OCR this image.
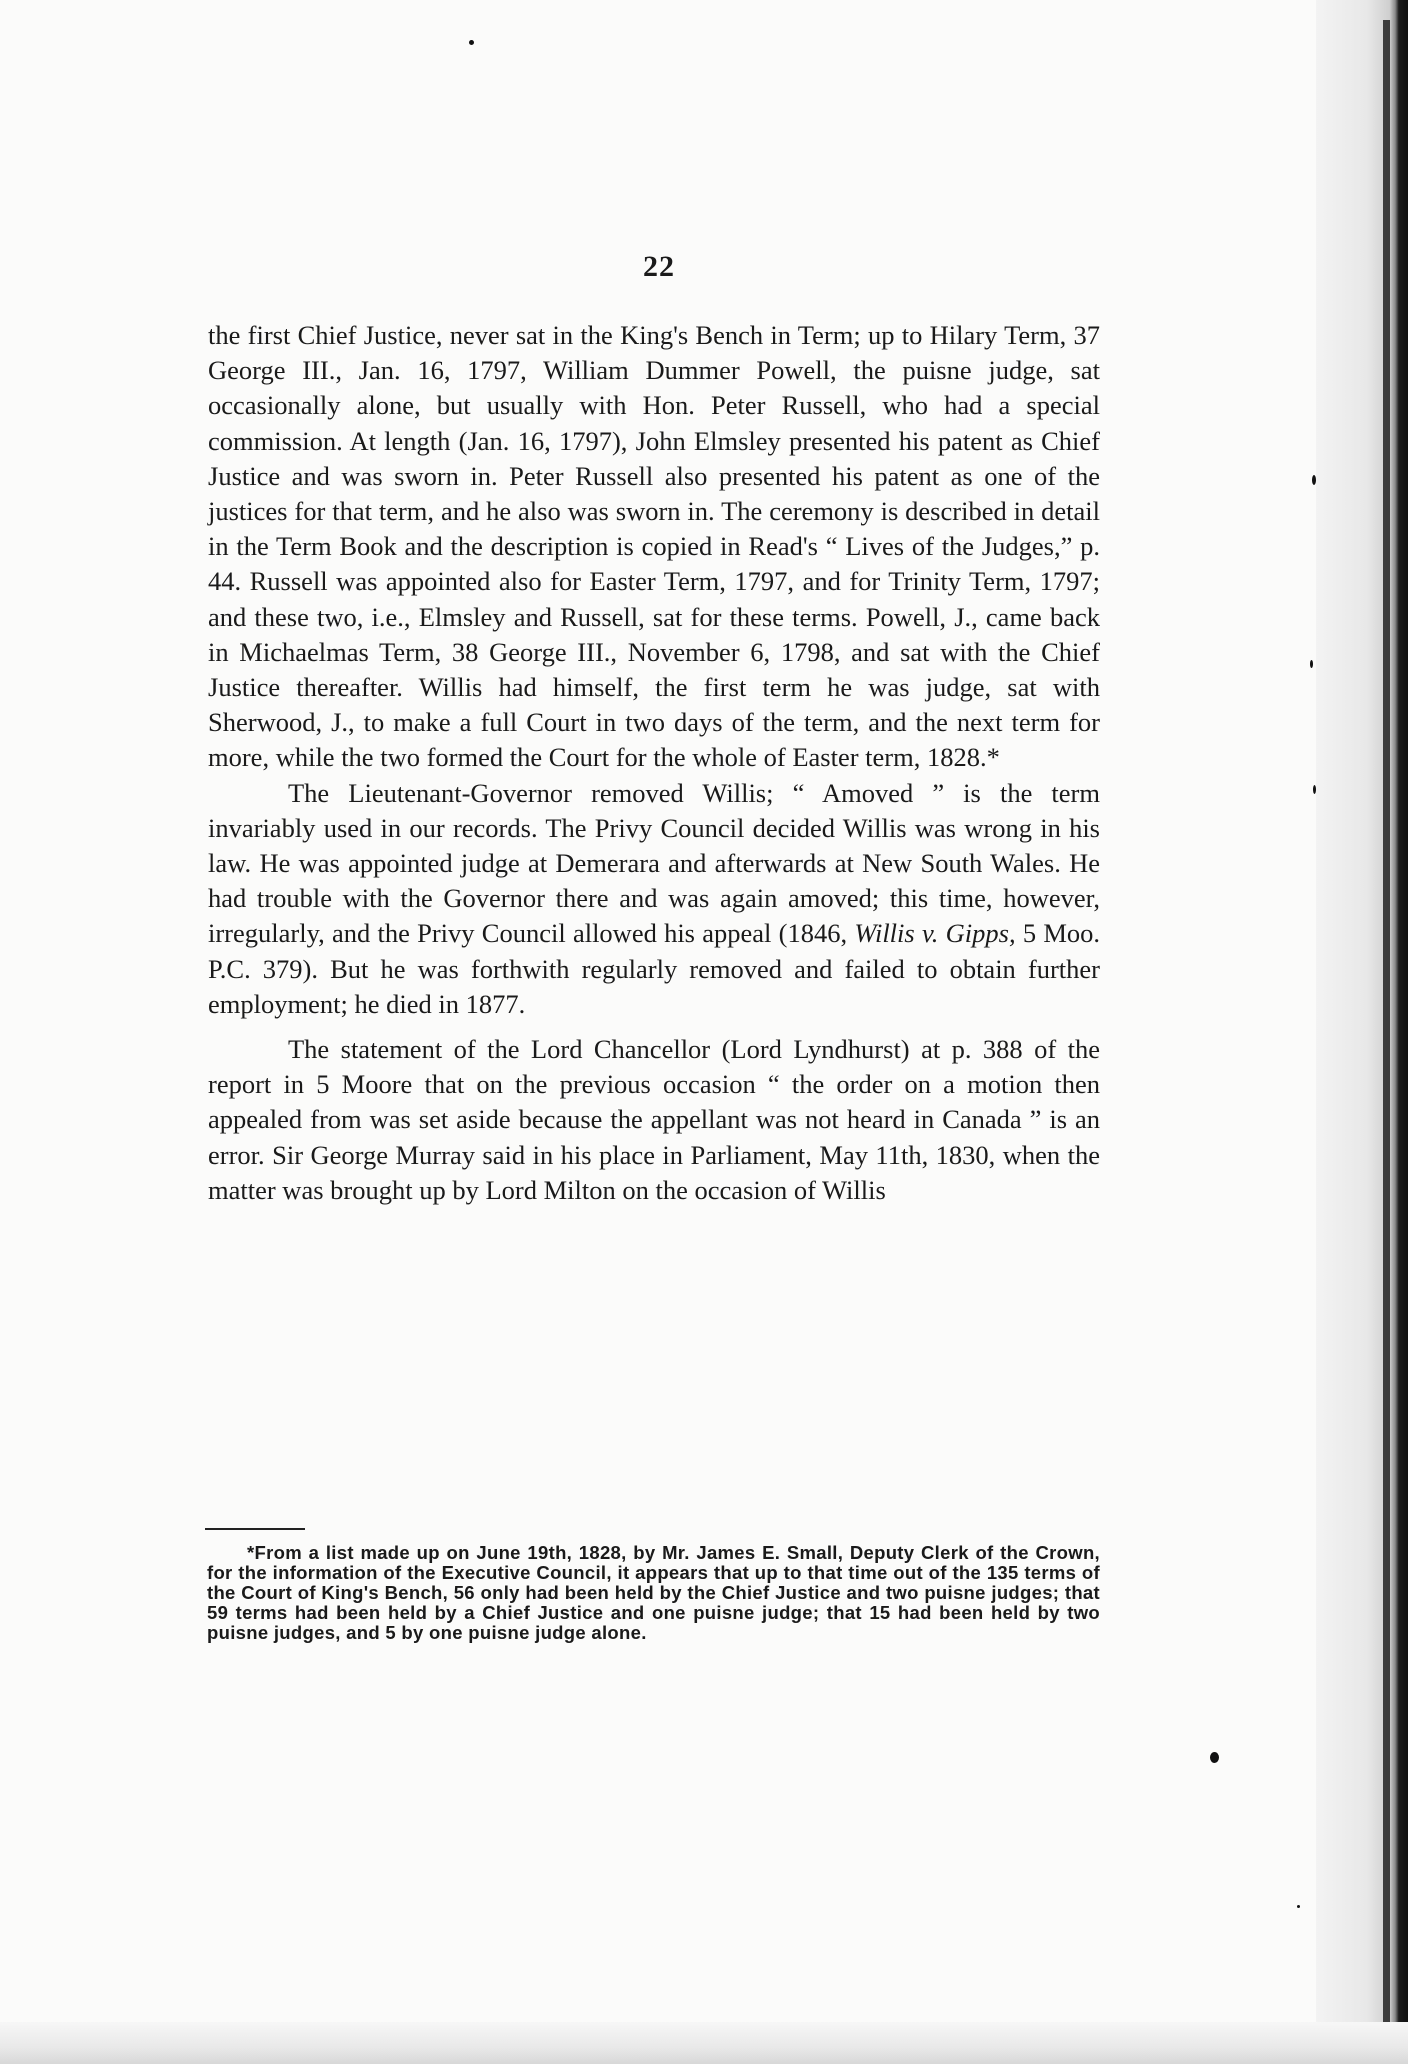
22

the first Chief Justice, never sat in the King's Bench in Term; up to Hilary Term, 37 George III., Jan. 16, 1797, William Dummer Powell, the puisne judge, sat occasionally alone, but usually with Hon. Peter Russell, who had a special commission. At length (Jan. 16, 1797), John Elmsley presented his patent as Chief Justice and was sworn in. Peter Russell also presented his patent as one of the justices for that term, and he also was sworn in. The ceremony is described in detail in the Term Book and the description is copied in Read's “ Lives of the Judges,” p. 44. Russell was appointed also for Easter Term, 1797, and for Trinity Term, 1797; and these two, i.e., Elmsley and Russell, sat for these terms. Powell, J., came back in Michaelmas Term, 38 George III., November 6, 1798, and sat with the Chief Justice thereafter. Willis had himself, the first term he was judge, sat with Sherwood, J., to make a full Court in two days of the term, and the next term for more, while the two formed the Court for the whole of Easter term, 1828.*

The Lieutenant-Governor removed Willis; “ Amoved ” is the term invariably used in our records. The Privy Council decided Willis was wrong in his law. He was appointed judge at Demerara and afterwards at New South Wales. He had trouble with the Governor there and was again amoved; this time, however, irregularly, and the Privy Council allowed his appeal (1846, Willis v. Gipps, 5 Moo. P.C. 379). But he was forthwith regularly removed and failed to obtain further employment; he died in 1877.

The statement of the Lord Chancellor (Lord Lyndhurst) at p. 388 of the report in 5 Moore that on the previous occasion “ the order on a motion then appealed from was set aside because the appellant was not heard in Canada ” is an error. Sir George Murray said in his place in Parliament, May 11th, 1830, when the matter was brought up by Lord Milton on the occasion of Willis

*From a list made up on June 19th, 1828, by Mr. James E. Small, Deputy Clerk of the Crown, for the information of the Executive Council, it appears that up to that time out of the 135 terms of the Court of King's Bench, 56 only had been held by the Chief Justice and two puisne judges; that 59 terms had been held by a Chief Justice and one puisne judge; that 15 had been held by two puisne judges, and 5 by one puisne judge alone.
